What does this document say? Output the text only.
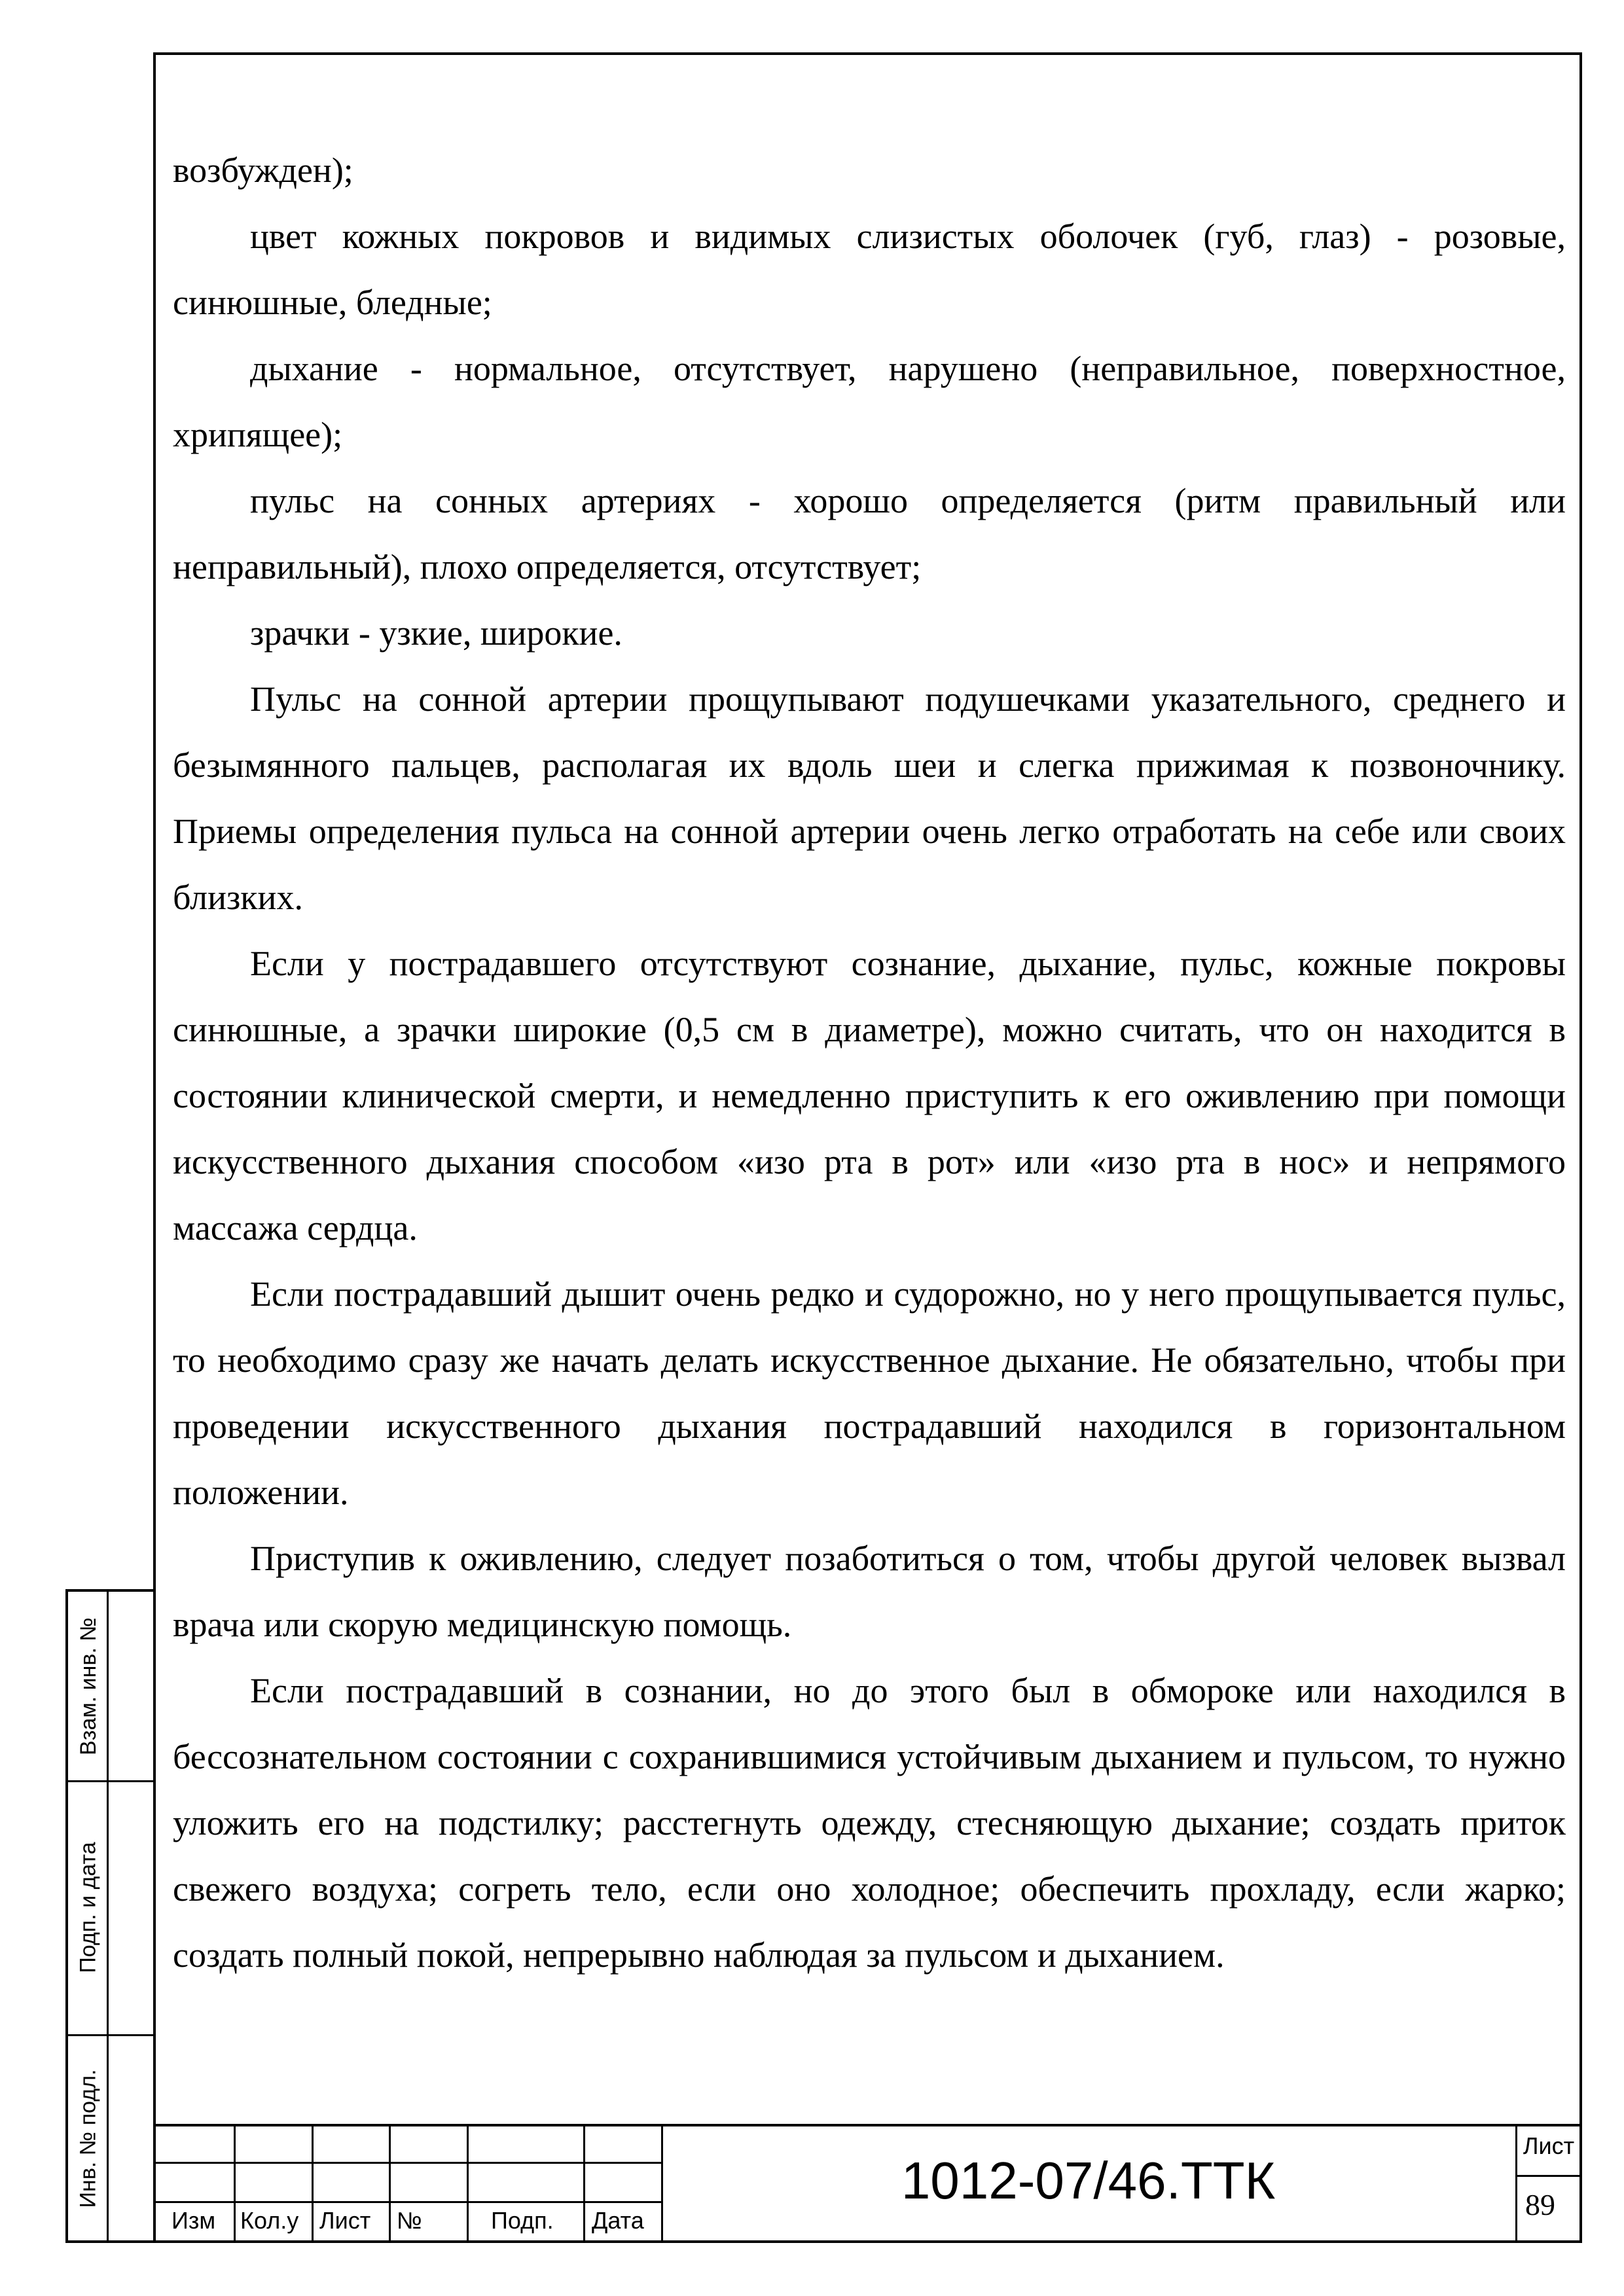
возбужден);

цвет кожных покровов и видимых слизистых оболочек (губ, глаз) - розовые, синюшные, бледные;

дыхание - нормальное, отсутствует, нарушено (неправильное, поверхностное, хрипящее);

пульс на сонных артериях - хорошо определяется (ритм правильный или неправильный), плохо определяется, отсутствует;

зрачки - узкие, широкие.

Пульс на сонной артерии прощупывают подушечками указательного, среднего и безымянного пальцев, располагая их вдоль шеи и слегка прижимая к позвоночнику. Приемы определения пульса на сонной артерии очень легко отработать на себе или своих близких.

Если у пострадавшего отсутствуют сознание, дыхание, пульс, кожные покровы синюшные, а зрачки широкие (0,5 см в диаметре), можно считать, что он находится в состоянии клинической смерти, и немедленно приступить к его оживлению при помощи искусственного дыхания способом «изо рта в рот» или «изо рта в нос» и непрямого массажа сердца.

Если пострадавший дышит очень редко и судорожно, но у него прощупывается пульс, то необходимо сразу же начать делать искусственное дыхание. Не обязательно, чтобы при проведении искусственного дыхания пострадавший находился в горизонтальном положении.

Приступив к оживлению, следует позаботиться о том, чтобы другой человек вызвал врача или скорую медицинскую помощь.

Если пострадавший в сознании, но до этого был в обмороке или находился в бессознательном состоянии с сохранившимися устойчивым дыханием и пульсом, то нужно уложить его на подстилку; расстегнуть одежду, стесняющую дыхание; создать приток свежего воздуха; согреть тело, если оно холодное; обеспечить прохладу, если жарко; создать полный покой, непрерывно наблюдая за пульсом и дыханием.

Взам. инв. №
Подп. и дата
Инв. № подл.
Изм Кол.у Лист №	Подп. Дата
1012-07/46.ТТК
Лист
89
